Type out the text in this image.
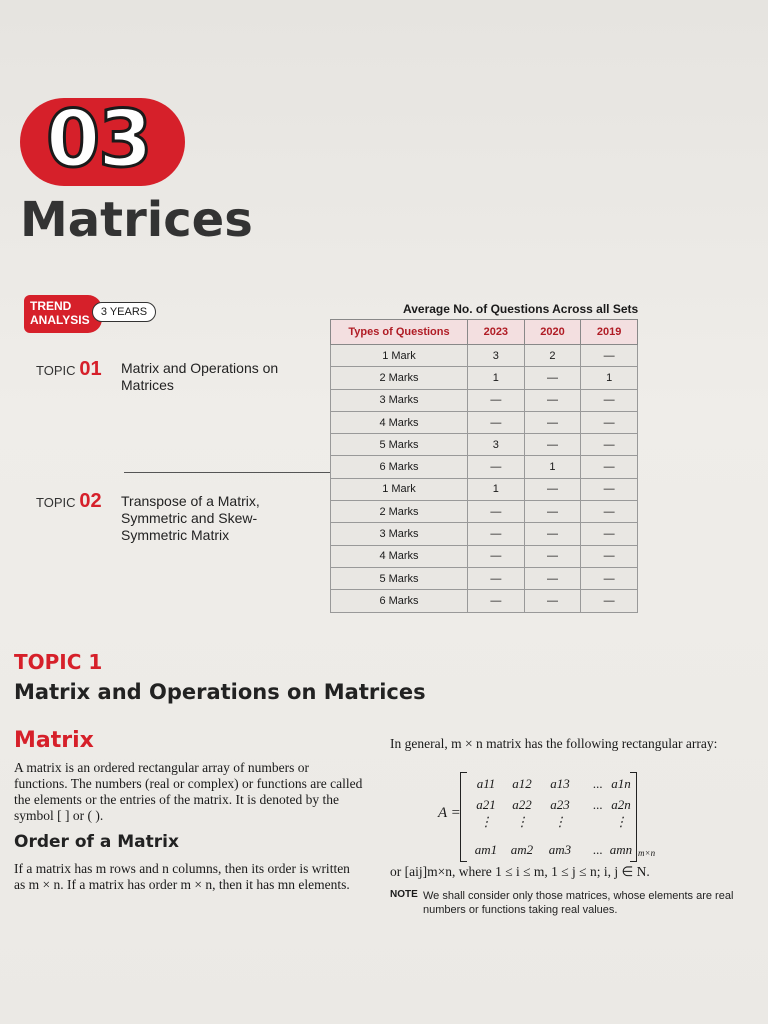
03
Matrices
TREND ANALYSIS
3 YEARS
TOPIC 01 Matrix and Operations on Matrices
TOPIC 02 Transpose of a Matrix, Symmetric and Skew-Symmetric Matrix
Average No. of Questions Across all Sets
Types of Questions	2023	2020	2019
1 Mark	3	2	—
2 Marks	1	—	1
3 Marks	—	—	—
4 Marks	—	—	—
5 Marks	3	—	—
6 Marks	—	1	—
1 Mark	1	—	—
2 Marks	—	—	—
3 Marks	—	—	—
4 Marks	—	—	—
5 Marks	—	—	—
6 Marks	—	—	—
TOPIC 1
Matrix and Operations on Matrices
Matrix
A matrix is an ordered rectangular array of numbers or functions. The numbers (real or complex) or functions are called the elements or the entries of the matrix. It is denoted by the symbol [ ] or ( ).
Order of a Matrix
If a matrix has m rows and n columns, then its order is written as m × n. If a matrix has order m × n, then it has mn elements.
In general, m × n matrix has the following rectangular array:
A =
a11	a12	a13	... a1n
a21	a22	a23	... a2n
⋮	⋮	⋮	⋮
am1	am2	am3	... amn m×n
or [aij]m×n, where 1 ≤ i ≤ m, 1 ≤ j ≤ n; i, j ∈ N.
NOTE We shall consider only those matrices, whose elements are real numbers or functions taking real values.
